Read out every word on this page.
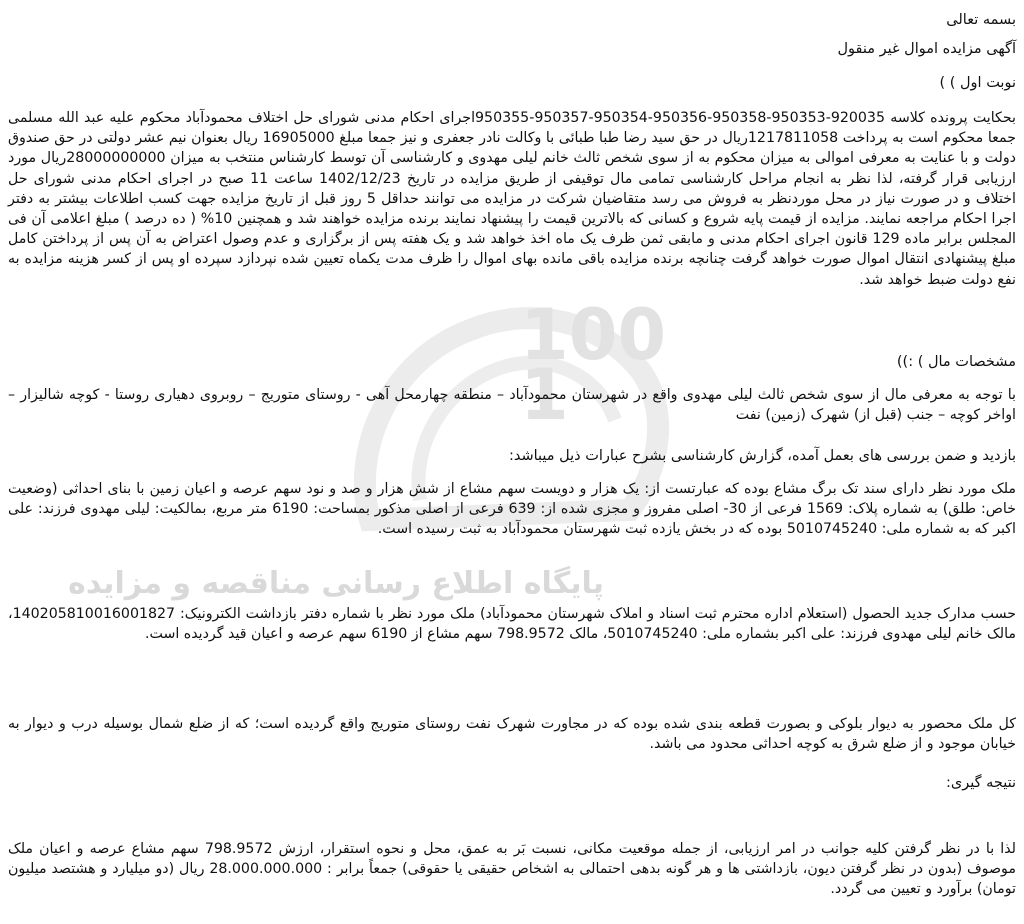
1001
پایگاه اطلاع رسانی مناقصه و مزایده
بسمه تعالی
آگهی مزایده اموال غیر منقول
نوبت اول ) )
بحکایت پرونده کلاسه 920035-950353-950358-950356-950354-950357-950355اجرای احکام مدنی شورای حل اختلاف محمودآباد محکوم علیه عبد الله مسلمی جمعا محکوم است به پرداخت 1217811058ریال در حق سید رضا طبا طبائی با وکالت نادر جعفری و نیز جمعا مبلغ 16905000 ریال بعنوان نیم عشر دولتی در حق صندوق دولت و با عنایت به معرفی اموالی به میزان محکوم به از سوی شخص ثالث خانم لیلی مهدوی و کارشناسی آن توسط کارشناس منتخب به میزان 28000000000ریال مورد ارزیابی قرار گرفته، لذا نظر به انجام مراحل کارشناسی تمامی مال توقیفی از طریق مزایده در تاریخ 1402/12/23 ساعت 11 صبح در اجرای احکام مدنی شورای حل اختلاف و در صورت نیاز در محل موردنظر به فروش می رسد متقاضیان شرکت در مزایده می توانند حداقل 5 روز قبل از تاریخ مزایده جهت کسب اطلاعات بیشتر به دفتر اجرا احکام مراجعه نمایند. مزایده از قیمت پایه شروع و کسانی که بالاترین قیمت را پیشنهاد نمایند برنده مزایده خواهند شد و همچنین 10% ( ده درصد ) مبلغ اعلامی آن فی المجلس برابر ماده 129 قانون اجرای احکام مدنی و مابقی ثمن ظرف یک ماه اخذ خواهد شد و یک هفته پس از برگزاری و عدم وصول اعتراض به آن پس از پرداختن کامل مبلغ پیشنهادی انتقال اموال صورت خواهد گرفت چنانچه برنده مزایده باقی مانده بهای اموال را ظرف مدت یکماه تعیین شده نپردازد سپرده او پس از کسر هزینه مزایده به نفع دولت ضبط خواهد شد.
مشخصات مال ) :))
با توجه به معرفی مال از سوی شخص ثالث لیلی مهدوی واقع در شهرستان محمودآباد – منطقه چهارمحل آهی - روستای متوریج – روبروی دهیاری روستا - کوچه شالیزار – اواخر کوچه – جنب (قبل از) شهرک (زمین) نفت
بازدید و ضمن بررسی های بعمل آمده، گزارش کارشناسی بشرح عبارات ذیل میباشد:
ملک مورد نظر دارای سند تک برگ مشاع بوده که عبارتست از: یک هزار و دویست سهم مشاع از شش هزار و صد و نود سهم عرصه و اعیان زمین با بنای احداثی (وضعیت خاص: طلق) به شماره پلاک: 1569 فرعی از 30- اصلی مفروز و مجزی شده از: 639 فرعی از اصلی مذکور بمساحت: 6190 متر مربع، بمالکیت: لیلی مهدوی فرزند: علی اکبر که به شماره ملی: 5010745240 بوده که در بخش یازده ثبت شهرستان محمودآباد به ثبت رسیده است.
حسب مدارک جدید الحصول (استعلام اداره محترم ثبت اسناد و املاک شهرستان محمودآباد) ملک مورد نظر با شماره دفتر بازداشت الکترونیک: 140205810016001827، مالک خانم لیلی مهدوی فرزند: علی اکبر بشماره ملی: 5010745240، مالک 798.9572 سهم مشاع از 6190 سهم عرصه و اعیان قید گردیده است.
کل ملک محصور به دیوار بلوکی و بصورت قطعه بندی شده بوده که در مجاورت شهرک نفت روستای متوریج واقع گردیده است؛ که از ضلع شمال بوسیله درب و دیوار به خیابان موجود و از ضلع شرق به کوچه احداثی محدود می باشد.
نتیجه گیری:
لذا با در نظر گرفتن کلیه جوانب در امر ارزیابی، از جمله موقعیت مکانی، نسبت بَر به عمق، محل و نحوه استقرار، ارزش 798.9572 سهم مشاع عرصه و اعیان ملک موصوف (بدون در نظر گرفتن دیون، بازداشتی ها و هر گونه بدهی احتمالی به اشخاص حقیقی یا حقوقی) جمعاً برابر : 28.000.000.000 ریال (دو میلیارد و هشتصد میلیون تومان) برآورد و تعیین می گردد.
